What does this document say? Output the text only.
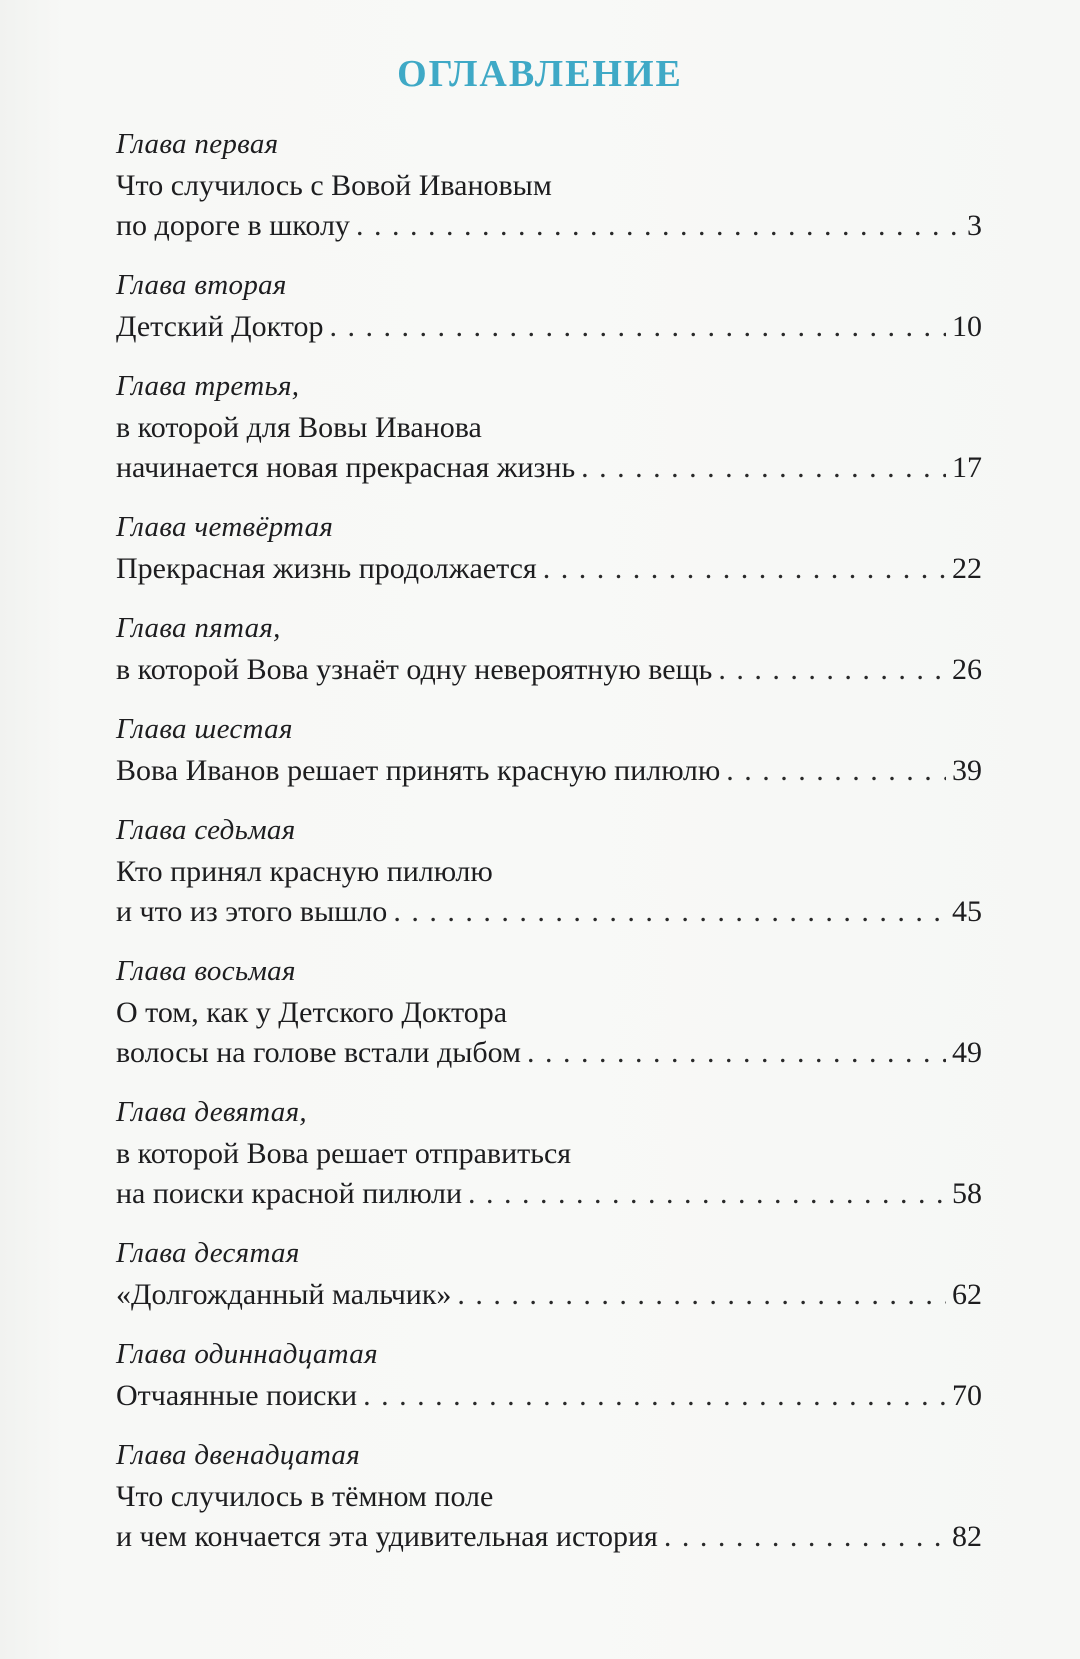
ОГЛАВЛЕНИЕ
Глава первая
Что случилось с Вовой Ивановым
по дороге в школу . . .	3
Глава вторая
Детский Доктор . . .	10
Глава третья,
в которой для Вовы Иванова
начинается новая прекрасная жизнь . . .	17
Глава четвёртая
Прекрасная жизнь продолжается . . .	22
Глава пятая,
в которой Вова узнаёт одну невероятную вещь . . .	26
Глава шестая
Вова Иванов решает принять красную пилюлю . . .	39
Глава седьмая
Кто принял красную пилюлю
и что из этого вышло . . .	45
Глава восьмая
О том, как у Детского Доктора
волосы на голове встали дыбом . . .	49
Глава девятая,
в которой Вова решает отправиться
на поиски красной пилюли . . .	58
Глава десятая
«Долгожданный мальчик» . . .	62
Глава одиннадцатая
Отчаянные поиски . . .	70
Глава двенадцатая
Что случилось в тёмном поле
и чем кончается эта удивительная история . . .	82
